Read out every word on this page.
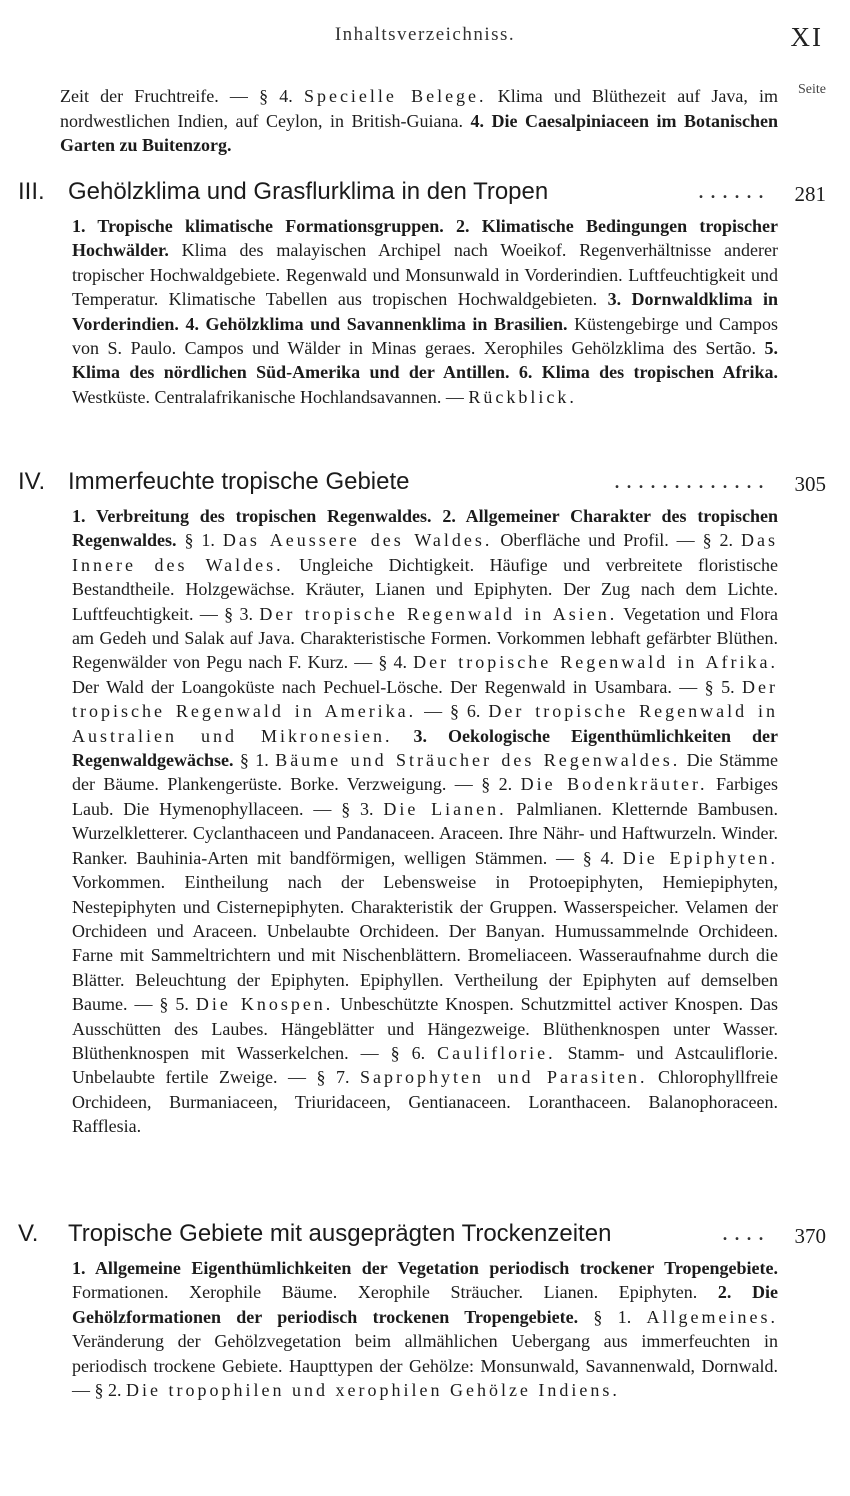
Inhaltsverzeichniss.	XI
Seite
Zeit der Fruchtreife. — § 4. Specielle Belege. Klima und Blüthezeit auf Java, im nordwestlichen Indien, auf Ceylon, in British-Guiana. 4. Die Caesalpiniaceen im Botanischen Garten zu Buitenzorg.
III. Gehölzklima und Grasflurklima in den Tropen	...... 281
1. Tropische klimatische Formationsgruppen. 2. Klimatische Bedingungen tropischer Hochwälder. Klima des malayischen Archipel nach Woeikof. Regenverhältnisse anderer tropischer Hochwaldgebiete. Regenwald und Monsunwald in Vorderindien. Luftfeuchtigkeit und Temperatur. Klimatische Tabellen aus tropischen Hochwaldgebieten. 3. Dornwaldklima in Vorderindien. 4. Gehölzklima und Savannenklima in Brasilien. Küstengebirge und Campos von S. Paulo. Campos und Wälder in Minas geraes. Xerophiles Gehölzklima des Sertão. 5. Klima des nördlichen Süd-Amerika und der Antillen. 6. Klima des tropischen Afrika. Westküste. Centralafrikanische Hochlandsavannen. — Rückblick.
IV. Immerfeuchte tropische Gebiete	............. 305
1. Verbreitung des tropischen Regenwaldes. 2. Allgemeiner Charakter des tropischen Regenwaldes. § 1. Das Aeussere des Waldes. Oberfläche und Profil. — § 2. Das Innere des Waldes. Ungleiche Dichtigkeit. Häufige und verbreitete floristische Bestandtheile. Holzgewächse. Kräuter, Lianen und Epiphyten. Der Zug nach dem Lichte. Luftfeuchtigkeit. — § 3. Der tropische Regenwald in Asien. Vegetation und Flora am Gedeh und Salak auf Java. Charakteristische Formen. Vorkommen lebhaft gefärbter Blüthen. Regenwälder von Pegu nach F. Kurz. — § 4. Der tropische Regenwald in Afrika. Der Wald der Loangoküste nach Pechuel-Lösche. Der Regenwald in Usambara. — § 5. Der tropische Regenwald in Amerika. — § 6. Der tropische Regenwald in Australien und Mikronesien. 3. Oekologische Eigenthümlichkeiten der Regenwaldgewächse. § 1. Bäume und Sträucher des Regenwaldes. Die Stämme der Bäume. Plankengerüste. Borke. Verzweigung. — § 2. Die Bodenkräuter. Farbiges Laub. Die Hymenophyllaceen. — § 3. Die Lianen. Palmlianen. Kletternde Bambusen. Wurzelkletterer. Cyclanthaceen und Pandanaceen. Araceen. Ihre Nähr- und Haftwurzeln. Winder. Ranker. Bauhinia-Arten mit bandförmigen, welligen Stämmen. — § 4. Die Epiphyten. Vorkommen. Eintheilung nach der Lebensweise in Protoepiphyten, Hemiepiphyten, Nestepiphyten und Cisternepiphyten. Charakteristik der Gruppen. Wasserspeicher. Velamen der Orchideen und Araceen. Unbelaubte Orchideen. Der Banyan. Humussammelnde Orchideen. Farne mit Sammeltrichtern und mit Nischenblättern. Bromeliaceen. Wasseraufnahme durch die Blätter. Beleuchtung der Epiphyten. Epiphyllen. Vertheilung der Epiphyten auf demselben Baume. — § 5. Die Knospen. Unbeschützte Knospen. Schutzmittel activer Knospen. Das Ausschütten des Laubes. Hängeblätter und Hängezweige. Blüthenknospen unter Wasser. Blüthenknospen mit Wasserkelchen. — § 6. Cauliflorie. Stamm- und Astcauliflorie. Unbelaubte fertile Zweige. — § 7. Saprophyten und Parasiten. Chlorophyllfreie Orchideen, Burmaniaceen, Triuridaceen, Gentianaceen. Loranthaceen. Balanophoraceen. Rafflesia.
V. Tropische Gebiete mit ausgeprägten Trockenzeiten	.... 370
1. Allgemeine Eigenthümlichkeiten der Vegetation periodisch trockener Tropengebiete. Formationen. Xerophile Bäume. Xerophile Sträucher. Lianen. Epiphyten. 2. Die Gehölzformationen der periodisch trockenen Tropengebiete. § 1. Allgemeines. Veränderung der Gehölzvegetation beim allmählichen Uebergang aus immerfeuchten in periodisch trockene Gebiete. Haupttypen der Gehölze: Monsunwald, Savannenwald, Dornwald. — § 2. Die tropophilen und xerophilen Gehölze Indiens.
